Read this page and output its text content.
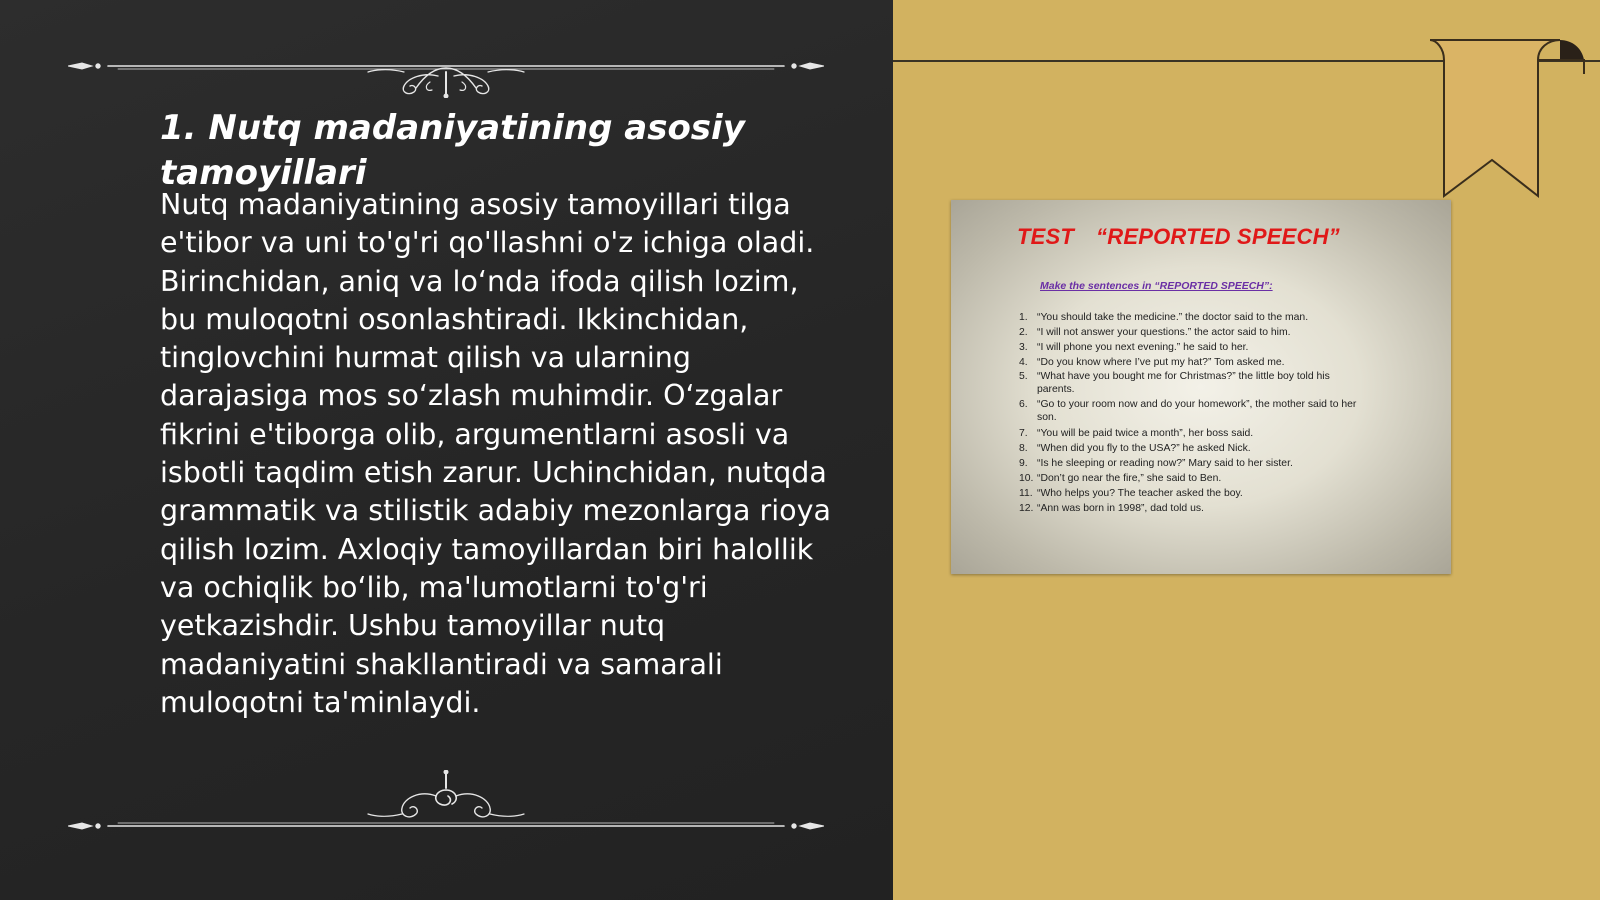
1. Nutq madaniyatining asosiy tamoyillari

Nutq madaniyatining asosiy tamoyillari tilga e'tibor va uni to'g'ri qo'llashni o'z ichiga oladi. Birinchidan, aniq va lo‘nda ifoda qilish lozim, bu muloqotni osonlashtiradi. Ikkinchidan, tinglovchini hurmat qilish va ularning darajasiga mos so‘zlash muhimdir. O‘zgalar fikrini e'tiborga olib, argumentlarni asosli va isbotli taqdim etish zarur. Uchinchidan, nutqda grammatik va stilistik adabiy mezonlarga rioya qilish lozim. Axloqiy tamoyillardan biri halollik va ochiqlik bo‘lib, ma'lumotlarni to'g'ri yetkazishdir. Ushbu tamoyillar nutq madaniyatini shakllantiradi va samarali muloqotni ta'minlaydi.

TEST “REPORTED SPEECH”

Make the sentences in “REPORTED SPEECH”:

1. “You should take the medicine.” the doctor said to the man.
2. “I will not answer your questions.” the actor said to him.
3. “I will phone you next evening.” he said to her.
4. “Do you know where I’ve put my hat?” Tom asked me.
5. “What have you bought me for Christmas?” the little boy told his parents.
6. “Go to your room now and do your homework”, the mother said to her son.
7. “You will be paid twice a month”, her boss said.
8. “When did you fly to the USA?” he asked Nick.
9. “Is he sleeping or reading now?” Mary said to her sister.
10. “Don’t go near the fire,” she said to Ben.
11. “Who helps you? The teacher asked the boy.
12. “Ann was born in 1998”, dad told us.
